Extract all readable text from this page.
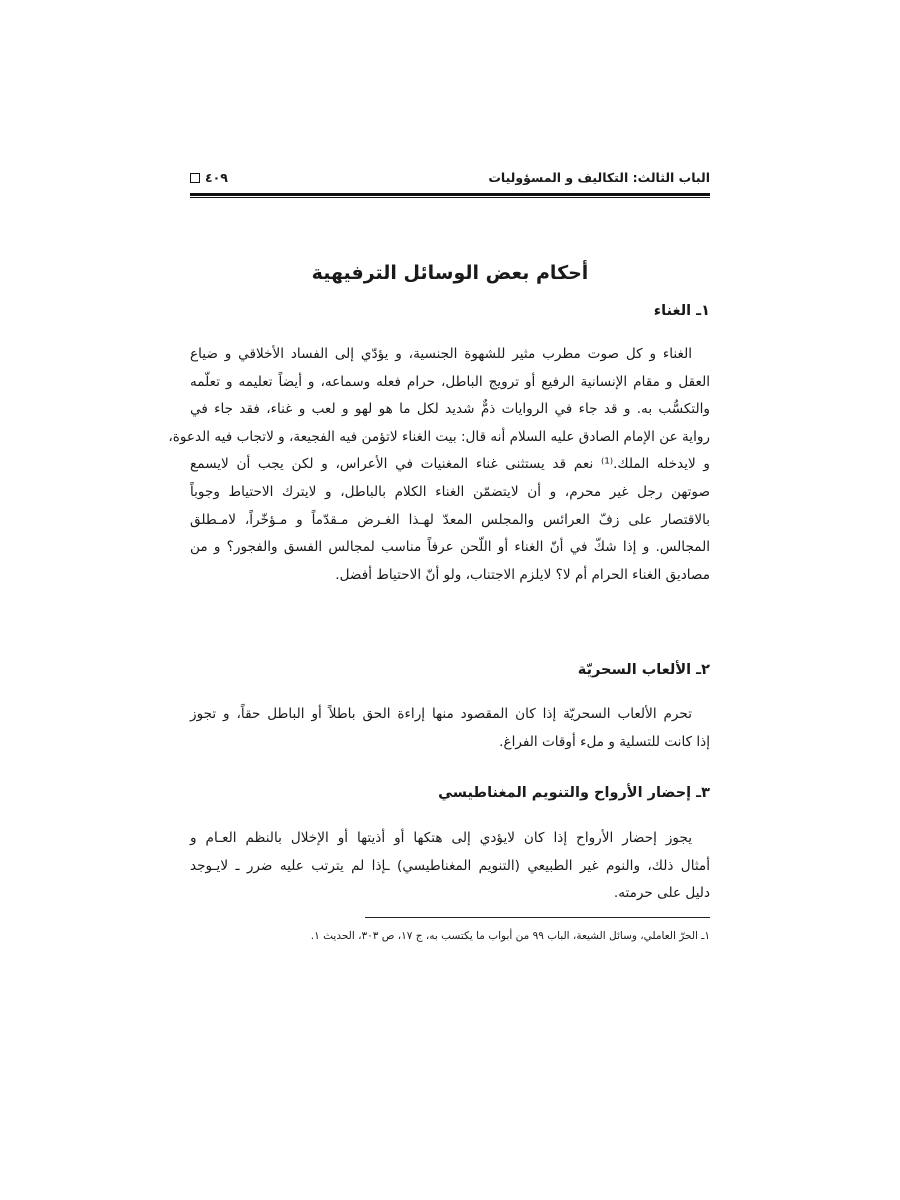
الباب الثالث: التكاليف و المسؤوليات
٤٠٩
أحكام بعض الوسائل الترفيهية
١ـ الغناء
الغناء و كل صوت مطرب مثير للشهوة الجنسية، و يؤدّي إلى الفساد الأخلاقي و ضياع
العقل و مقام الإنسانية الرفيع أو ترويج الباطل، حرام فعله وسماعه، و أيضاً تعليمه و تعلّمه
والتكسُّب به. و قد جاء في الروايات ذمٌّ شديد لكل ما هو لهو و لعب و غناء، فقد جاء في
رواية عن الإمام الصادق عليه السلام أنه قال: بيت الغناء لاتؤمن فيه الفجيعة، و لاتجاب فيه الدعوة،
و لايدخله الملك.⁽¹⁾ نعم قد يستثنى غناء المغنيات في الأعراس، و لكن يجب أن لايسمع
صوتهن رجل غير محرم، و أن لايتضمّن الغناء الكلام بالباطل، و لايترك الاحتياط وجوباً
بالاقتصار على زفّ العرائس والمجلس المعدّ لهـذا الغـرض مـقدّماً و مـؤخّراً، لامـطلق
المجالس. و إذا شكّ في أنّ الغناء أو اللّحن عرفاً مناسب لمجالس الفسق والفجور؟ و من
مصاديق الغناء الحرام أم لا؟ لايلزم الاجتناب، ولو أنّ الاحتياط أفضل.
٢ـ الألعاب السحريّة
تحرم الألعاب السحريّة إذا كان المقصود منها إراءة الحق باطلاً أو الباطل حقاً، و تجوز
إذا كانت للتسلية و ملء أوقات الفراغ.
٣ـ إحضار الأرواح والتنويم المغناطيسي
يجوز إحضار الأرواح إذا كان لايؤدي إلى هتكها أو أذيتها أو الإخلال بالنظم العـام و
أمثال ذلك، والنوم غير الطبيعي (التنويم المغناطيسي) ـإذا لم يترتب عليه ضرر ـ لايـوجد
دليل على حرمته.
١ـ الحرّ العاملي، وسائل الشيعة، الباب ٩٩ من أبواب ما يكتسب به، ج ١٧، ص ٣٠٣، الحديث ١.
